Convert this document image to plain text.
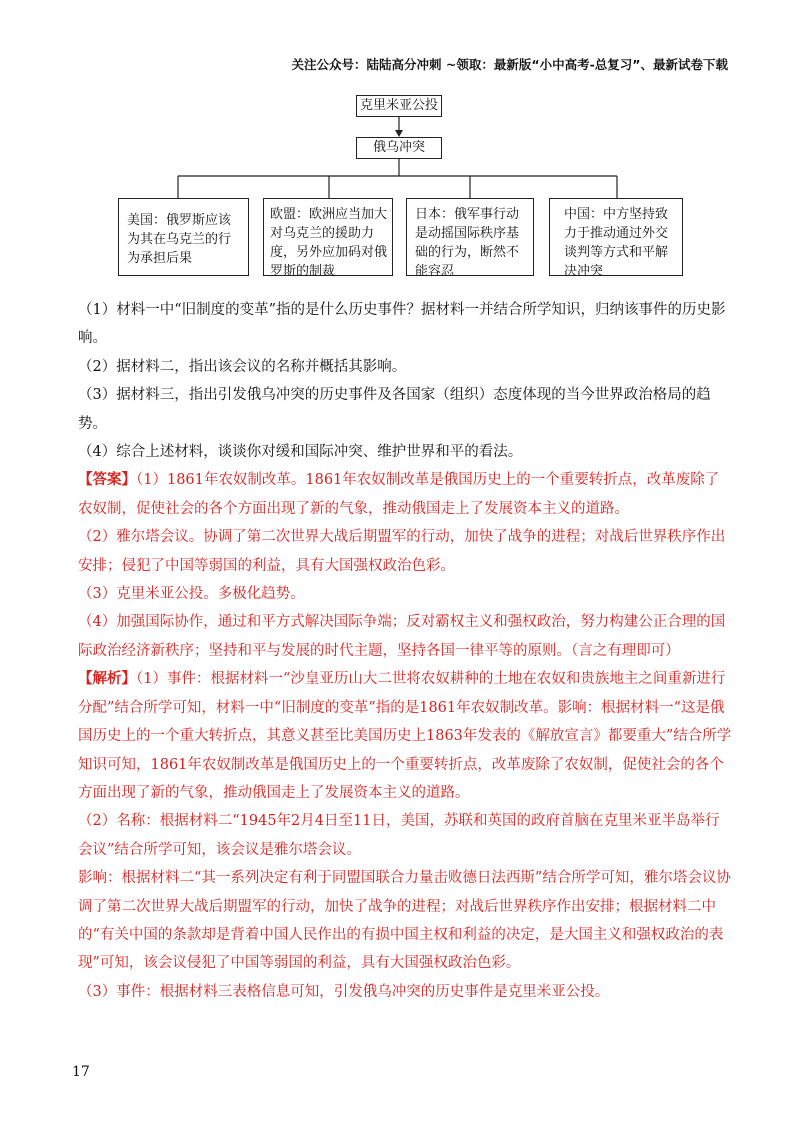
关注公众号：陆陆高分冲刺 ~领取：最新版“小中高考-总复习”、最新试卷下载
克里米亚公投
俄乌冲突
美国：俄罗斯应该为其在乌克兰的行为承担后果
欧盟：欧洲应当加大对乌克兰的援助力度，另外应加码对俄罗斯的制裁
日本：俄军事行动是动摇国际秩序基础的行为，断然不能容忍
中国：中方坚持致力于推动通过外交谈判等方式和平解决冲突

（1）材料一中“旧制度的变革”指的是什么历史事件？据材料一并结合所学知识，归纳该事件的历史影响。

（2）据材料二，指出该会议的名称并概括其影响。

（3）据材料三，指出引发俄乌冲突的历史事件及各国家（组织）态度体现的当今世界政治格局的趋势。

（4）综合上述材料，谈谈你对缓和国际冲突、维护世界和平的看法。

【答案】（1）1861年农奴制改革。1861年农奴制改革是俄国历史上的一个重要转折点，改革废除了农奴制，促使社会的各个方面出现了新的气象，推动俄国走上了发展资本主义的道路。

（2）雅尔塔会议。协调了第二次世界大战后期盟军的行动，加快了战争的进程；对战后世界秩序作出安排；侵犯了中国等弱国的利益，具有大国强权政治色彩。

（3）克里米亚公投。多极化趋势。

（4）加强国际协作，通过和平方式解决国际争端；反对霸权主义和强权政治，努力构建公正合理的国际政治经济新秩序；坚持和平与发展的时代主题，坚持各国一律平等的原则。（言之有理即可）

【解析】（1）事件：根据材料一“沙皇亚历山大二世将农奴耕种的土地在农奴和贵族地主之间重新进行分配”结合所学可知，材料一中“旧制度的变革”指的是1861年农奴制改革。影响：根据材料一“这是俄国历史上的一个重大转折点，其意义甚至比美国历史上1863年发表的《解放宣言》都要重大”结合所学知识可知，1861年农奴制改革是俄国历史上的一个重要转折点，改革废除了农奴制，促使社会的各个方面出现了新的气象，推动俄国走上了发展资本主义的道路。

（2）名称：根据材料二“1945年2月4日至11日，美国，苏联和英国的政府首脑在克里米亚半岛举行会议”结合所学可知，该会议是雅尔塔会议。

影响：根据材料二“其一系列决定有利于同盟国联合力量击败德日法西斯”结合所学可知，雅尔塔会议协调了第二次世界大战后期盟军的行动，加快了战争的进程；对战后世界秩序作出安排；根据材料二中的“有关中国的条款却是背着中国人民作出的有损中国主权和利益的决定，是大国主义和强权政治的表现”可知，该会议侵犯了中国等弱国的利益，具有大国强权政治色彩。

（3）事件：根据材料三表格信息可知，引发俄乌冲突的历史事件是克里米亚公投。

17
